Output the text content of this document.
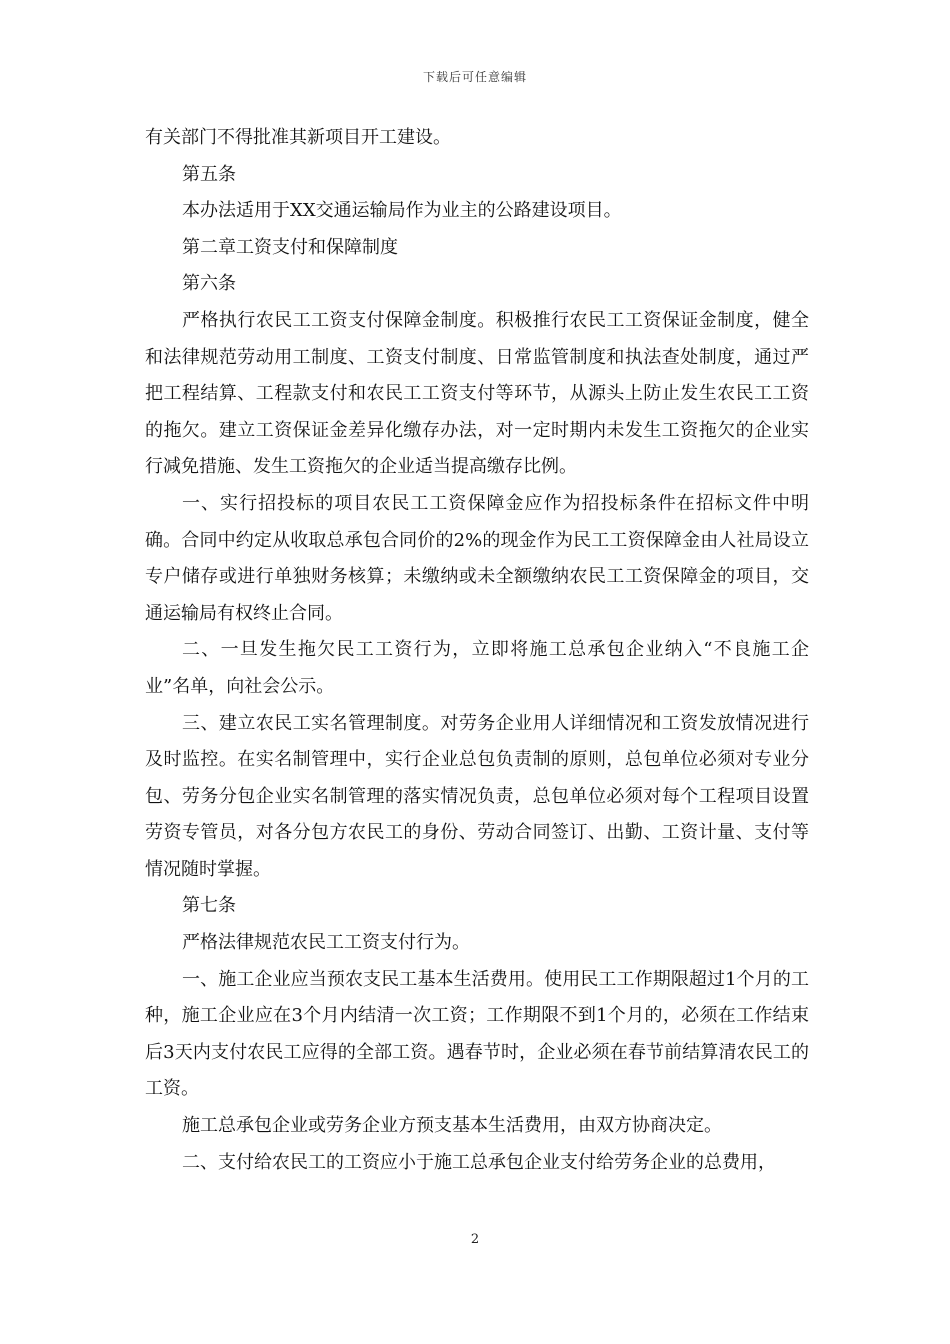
下载后可任意编辑

有关部门不得批准其新项目开工建设。

第五条

本办法适用于XX交通运输局作为业主的公路建设项目。

第二章工资支付和保障制度

第六条

严格执行农民工工资支付保障金制度。积极推行农民工工资保证金制度，健全和法律规范劳动用工制度、工资支付制度、日常监管制度和执法查处制度，通过严把工程结算、工程款支付和农民工工资支付等环节，从源头上防止发生农民工工资的拖欠。建立工资保证金差异化缴存办法，对一定时期内未发生工资拖欠的企业实行减免措施、发生工资拖欠的企业适当提高缴存比例。

一、实行招投标的项目农民工工资保障金应作为招投标条件在招标文件中明确。合同中约定从收取总承包合同价的2%的现金作为民工工资保障金由人社局设立专户储存或进行单独财务核算；未缴纳或未全额缴纳农民工工资保障金的项目，交通运输局有权终止合同。

二、一旦发生拖欠民工工资行为，立即将施工总承包企业纳入“不良施工企业”名单，向社会公示。

三、建立农民工实名管理制度。对劳务企业用人详细情况和工资发放情况进行及时监控。在实名制管理中，实行企业总包负责制的原则，总包单位必须对专业分包、劳务分包企业实名制管理的落实情况负责，总包单位必须对每个工程项目设置劳资专管员，对各分包方农民工的身份、劳动合同签订、出勤、工资计量、支付等情况随时掌握。

第七条

严格法律规范农民工工资支付行为。

一、施工企业应当预农支民工基本生活费用。使用民工工作期限超过1个月的工种，施工企业应在3个月内结清一次工资；工作期限不到1个月的，必须在工作结束后3天内支付农民工应得的全部工资。遇春节时，企业必须在春节前结算清农民工的工资。

施工总承包企业或劳务企业方预支基本生活费用，由双方协商决定。

二、支付给农民工的工资应小于施工总承包企业支付给劳务企业的总费用，

2
